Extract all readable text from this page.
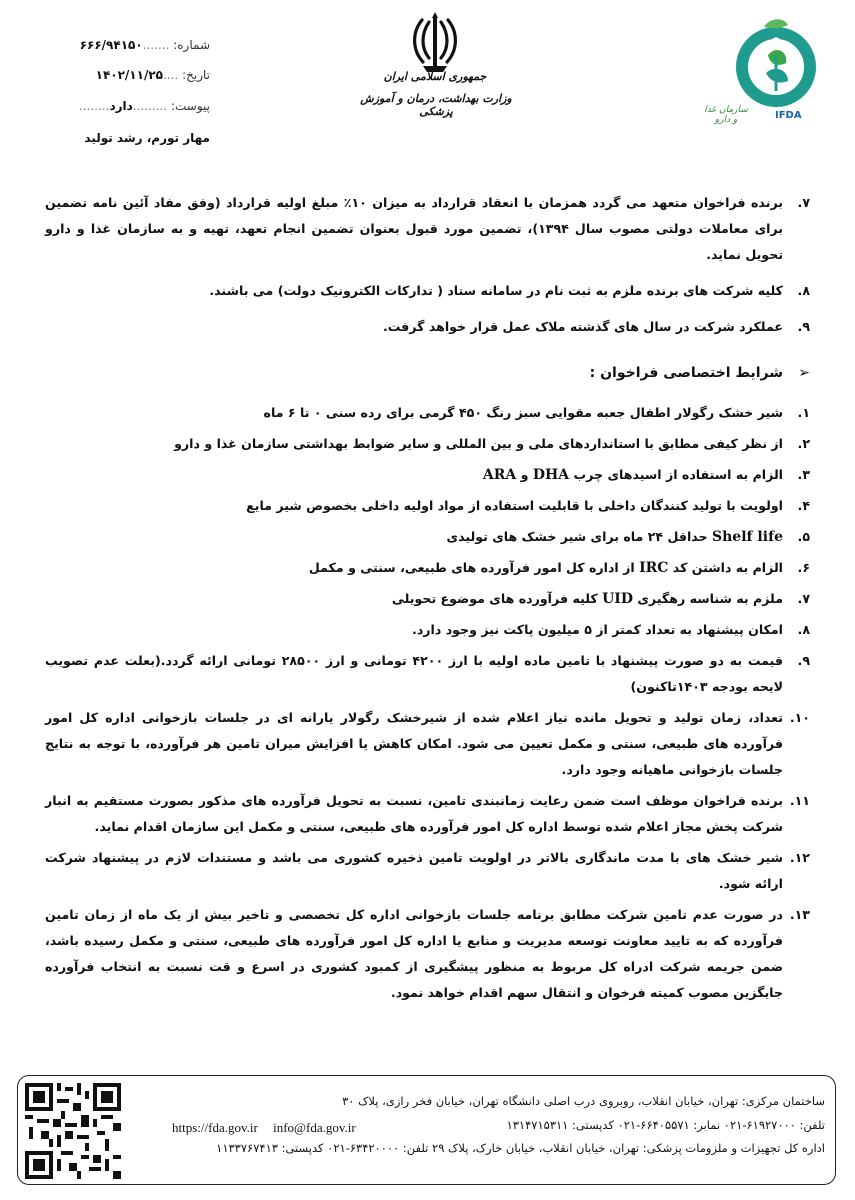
جمهوری اسلامی ایران
وزارت بهداشت، درمان و آموزش پزشکی	سازمان غذا و دارو	IFDA
شماره: .......۶۶۶/۹۴۱۵۰
تاریخ: ....۱۴۰۲/۱۱/۲۵
پیوست: .........دارد........
مهار تورم، رشد تولید

۷.
برنده فراخوان متعهد می گردد همزمان با انعقاد قرارداد به میزان ۱۰٪ مبلغ اولیه قرارداد (وفق مفاد آئین نامه تضمین برای معاملات دولتی مصوب سال ۱۳۹۴)، تضمین مورد قبول بعنوان تضمین انجام تعهد، تهیه و به سازمان غذا و دارو تحویل نماید.

۸.
کلیه شرکت های برنده ملزم به ثبت نام در سامانه ستاد ( تدارکات الکترونیک دولت) می باشند.

۹.
عملکرد شرکت در سال های گذشته ملاک عمل قرار خواهد گرفت.

➢
شرایط اختصاصی فراخوان :

۱.
شیر خشک رگولار اطفال جعبه مقوایی سبز رنگ ۴۵۰ گرمی برای رده سنی ۰ تا ۶ ماه

۲.
از نظر کیفی مطابق با استانداردهای ملی و بین المللی و سایر ضوابط بهداشتی سازمان غذا و دارو

۳.
الزام به استفاده از اسیدهای چرب DHA و ARA

۴.
اولویت با تولید کنندگان داخلی با قابلیت استفاده از مواد اولیه داخلی بخصوص شیر مایع

۵.
Shelf life حداقل ۲۴ ماه برای شیر خشک های تولیدی

۶.
الزام به داشتن کد IRC از اداره کل امور فرآورده های طبیعی، سنتی و مکمل

۷.
ملزم به شناسه رهگیری UID کلیه فرآورده های موضوع تحویلی

۸.
امکان پیشنهاد به تعداد کمتر از ۵ میلیون پاکت نیز وجود دارد.

۹.
قیمت به دو صورت پیشنهاد با تامین ماده اولیه با ارز ۴۲۰۰ تومانی و ارز ۲۸۵۰۰ تومانی ارائه گردد.(بعلت عدم تصویب لایحه بودجه ۱۴۰۳تاکنون)

۱۰.
تعداد، زمان تولید و تحویل مانده نیاز اعلام شده از شیرخشک رگولار یارانه ای در جلسات بازخوانی اداره کل امور فرآورده های طبیعی، سنتی و مکمل تعیین می شود. امکان کاهش یا افزایش میران تامین هر فرآورده، با توجه به نتایج جلسات بازخوانی ماهیانه وجود دارد.

۱۱.
برنده فراخوان موظف است ضمن رعایت زمانبندی تامین، نسبت به تحویل فرآورده های مذکور بصورت مستقیم به انبار شرکت پخش مجاز اعلام شده توسط اداره کل امور فرآورده های طبیعی، سنتی و مکمل این سازمان اقدام نماید.

۱۲.
شیر خشک های با مدت ماندگاری بالاتر در اولویت تامین ذخیره کشوری می باشد و مستندات لازم در پیشنهاد شرکت ارائه شود.

۱۳.
در صورت عدم تامین شرکت مطابق برنامه جلسات بازخوانی اداره کل تخصصی و تاخیر بیش از یک ماه از زمان تامین فرآورده که به تایید معاونت توسعه مدیریت و منابع یا اداره کل امور فرآورده های طبیعی، سنتی و مکمل رسیده باشد، ضمن جریمه شرکت ادراه کل مربوط به منظور پیشگیری از کمبود کشوری در اسرع و قت نسبت به انتخاب فرآورده جایگزین مصوب کمیته فرخوان و انتقال سهم اقدام خواهد نمود.

ساختمان مرکزی: تهران، خیابان انقلاب، روبروی درب اصلی دانشگاه تهران، خیابان فخر رازی، پلاک ۳۰
تلفن: ۶۱۹۲۷۰۰۰-۰۲۱ نمابر: ۶۶۴۰۵۵۷۱-۰۲۱ کدپستی: ۱۳۱۴۷۱۵۳۱۱
اداره کل تجهیزات و ملزومات پزشکی: تهران، خیابان انقلاب، خیابان خارک، پلاک ۲۹ تلفن: ۶۳۴۲۰۰۰۰-۰۲۱ کدپستی: ۱۱۳۳۷۶۷۴۱۳
https://fda.gov.ir info@fda.gov.ir
